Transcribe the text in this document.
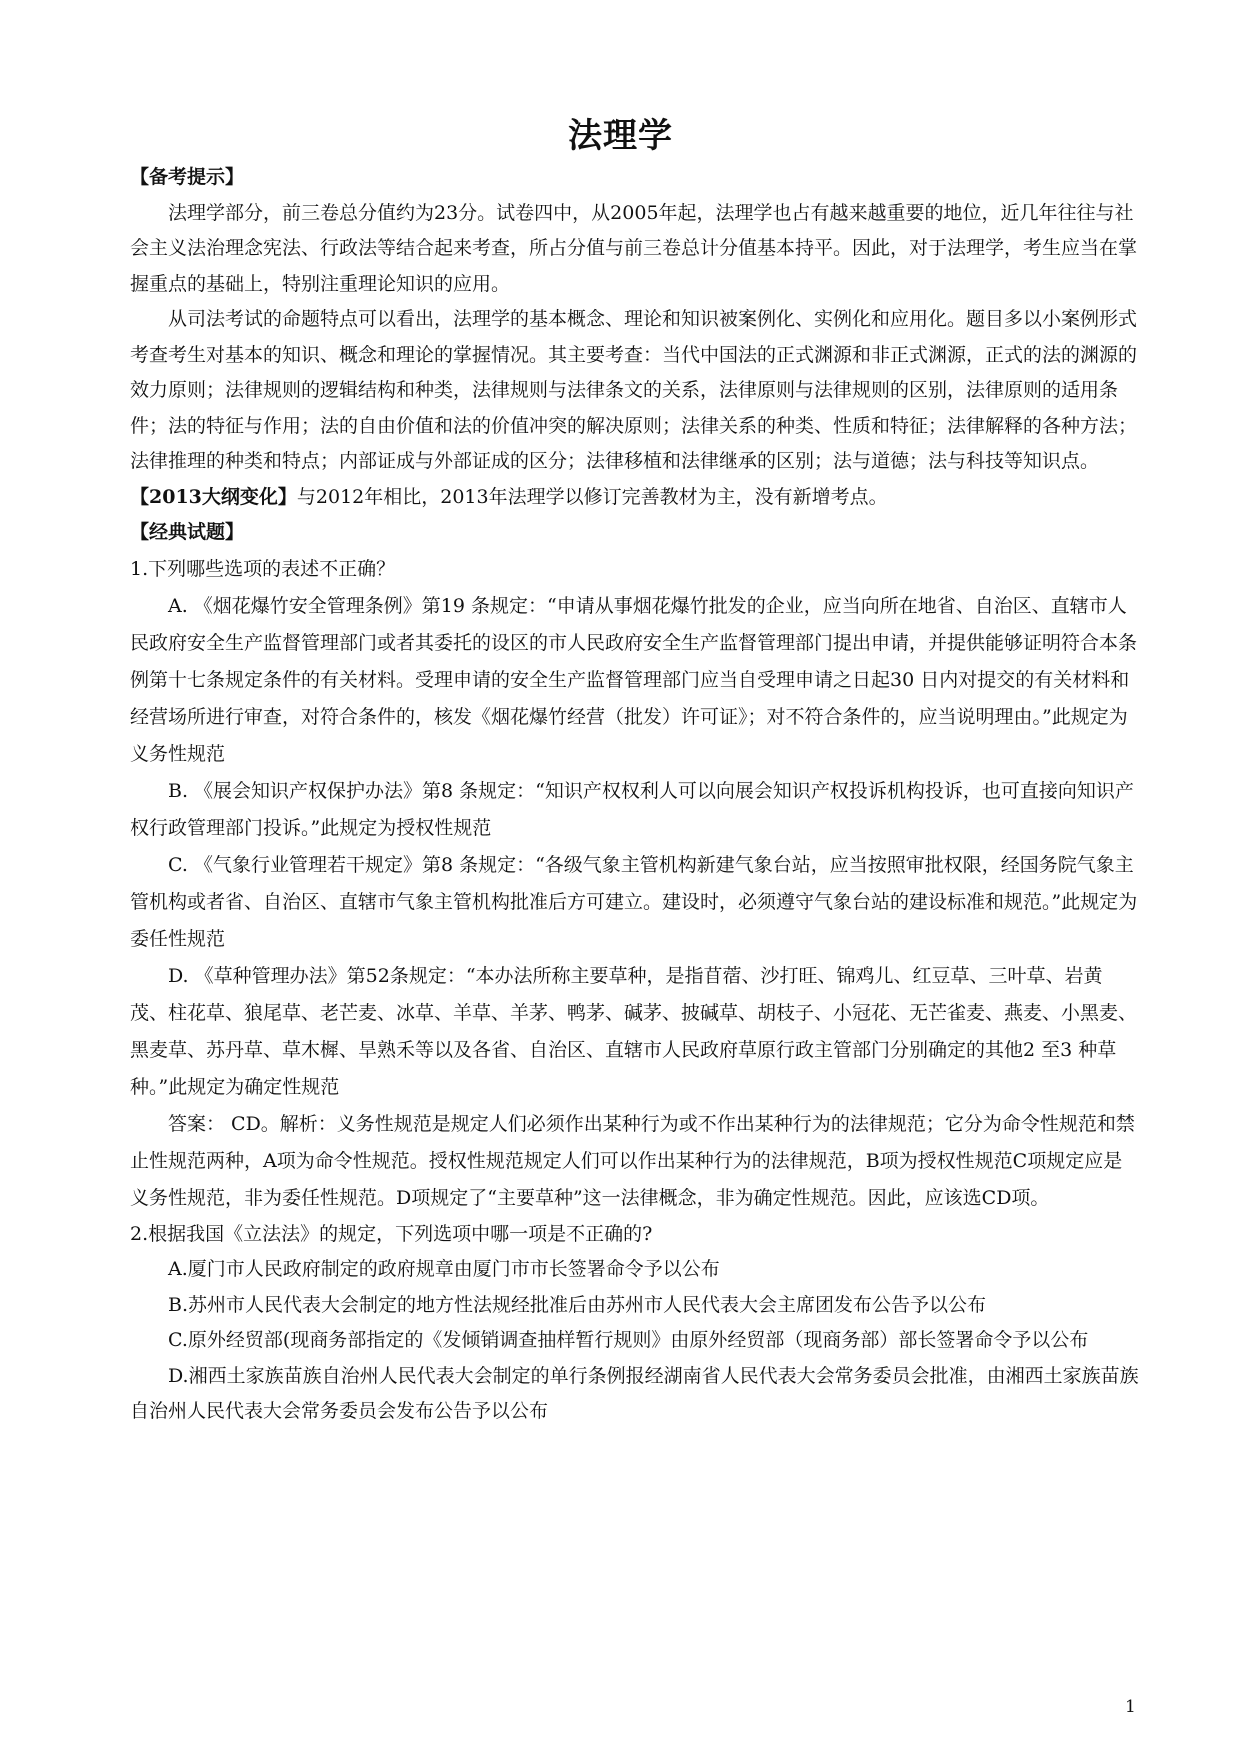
法理学

【备考提示】

法理学部分，前三卷总分值约为23分。试卷四中，从2005年起，法理学也占有越来越重要的地位，近几年往往与社会主义法治理念宪法、行政法等结合起来考查，所占分值与前三卷总计分值基本持平。因此，对于法理学，考生应当在掌握重点的基础上，特别注重理论知识的应用。

从司法考试的命题特点可以看出，法理学的基本概念、理论和知识被案例化、实例化和应用化。题目多以小案例形式考查考生对基本的知识、概念和理论的掌握情况。其主要考查：当代中国法的正式渊源和非正式渊源，正式的法的渊源的效力原则；法律规则的逻辑结构和种类，法律规则与法律条文的关系，法律原则与法律规则的区别，法律原则的适用条件；法的特征与作用；法的自由价值和法的价值冲突的解决原则；法律关系的种类、性质和特征；法律解释的各种方法；法律推理的种类和特点；内部证成与外部证成的区分；法律移植和法律继承的区别；法与道德；法与科技等知识点。

【2013大纲变化】与2012年相比，2013年法理学以修订完善教材为主，没有新增考点。

【经典试题】

1.下列哪些选项的表述不正确？

A. 《烟花爆竹安全管理条例》第19 条规定：“申请从事烟花爆竹批发的企业，应当向所在地省、自治区、直辖市人民政府安全生产监督管理部门或者其委托的设区的市人民政府安全生产监督管理部门提出申请，并提供能够证明符合本条例第十七条规定条件的有关材料。受理申请的安全生产监督管理部门应当自受理申请之日起30 日内对提交的有关材料和经营场所进行审查，对符合条件的，核发《烟花爆竹经营（批发）许可证》；对不符合条件的，应当说明理由。”此规定为义务性规范

B. 《展会知识产权保护办法》第8 条规定：“知识产权权利人可以向展会知识产权投诉机构投诉，也可直接向知识产权行政管理部门投诉。”此规定为授权性规范

C. 《气象行业管理若干规定》第8 条规定：“各级气象主管机构新建气象台站，应当按照审批权限，经国务院气象主管机构或者省、自治区、直辖市气象主管机构批准后方可建立。建设时，必须遵守气象台站的建设标准和规范。”此规定为委任性规范

D. 《草种管理办法》第52条规定：“本办法所称主要草种，是指苜蓿、沙打旺、锦鸡儿、红豆草、三叶草、岩黄茂、柱花草、狼尾草、老芒麦、冰草、羊草、羊茅、鸭茅、碱茅、披碱草、胡枝子、小冠花、无芒雀麦、燕麦、小黑麦、黑麦草、苏丹草、草木樨、旱熟禾等以及各省、自治区、直辖市人民政府草原行政主管部门分别确定的其他2 至3 种草种。”此规定为确定性规范

答案： CD。解析：义务性规范是规定人们必须作出某种行为或不作出某种行为的法律规范；它分为命令性规范和禁止性规范两种，A项为命令性规范。授权性规范规定人们可以作出某种行为的法律规范，B项为授权性规范C项规定应是义务性规范，非为委任性规范。D项规定了“主要草种”这一法律概念，非为确定性规范。因此，应该选CD项。

2.根据我国《立法法》的规定，下列选项中哪一项是不正确的?

A.厦门市人民政府制定的政府规章由厦门市市长签署命令予以公布

B.苏州市人民代表大会制定的地方性法规经批准后由苏州市人民代表大会主席团发布公告予以公布

C.原外经贸部(现商务部指定的《发倾销调查抽样暂行规则》由原外经贸部（现商务部）部长签署命令予以公布

D.湘西土家族苗族自治州人民代表大会制定的单行条例报经湖南省人民代表大会常务委员会批准，由湘西土家族苗族自治州人民代表大会常务委员会发布公告予以公布

1
